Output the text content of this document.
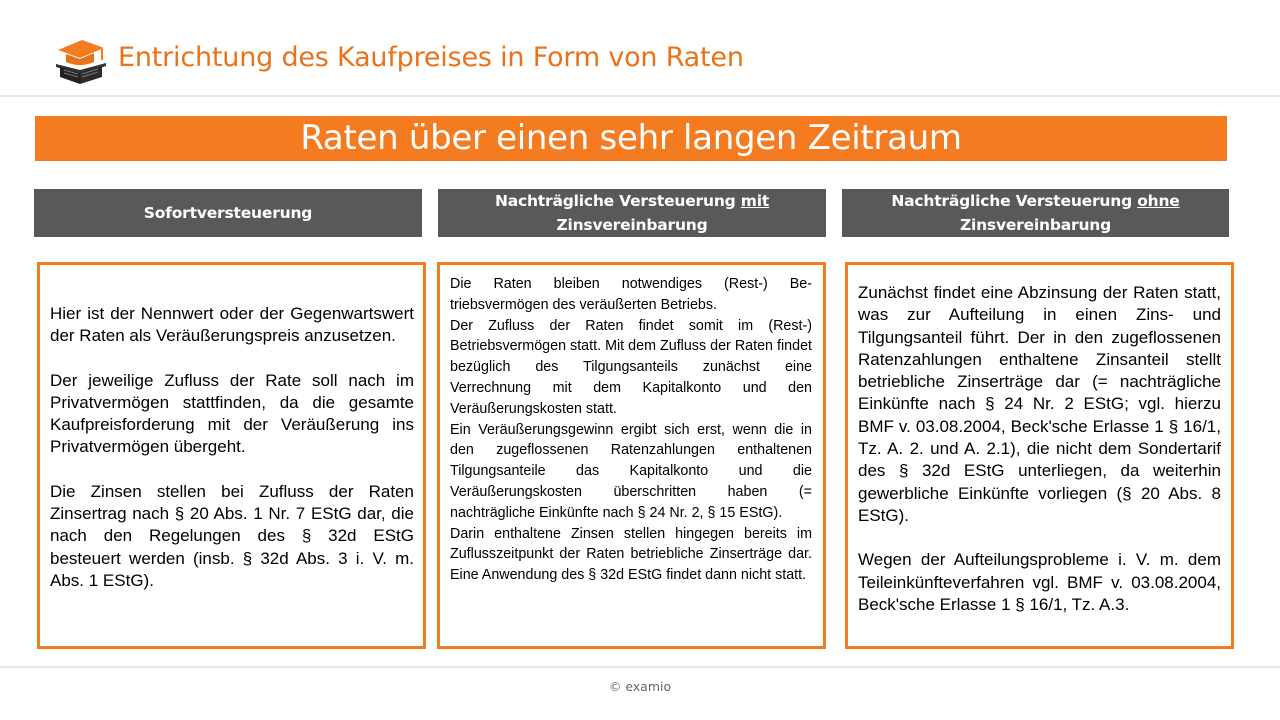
Entrichtung des Kaufpreises in Form von Raten
Raten über einen sehr langen Zeitraum
Sofortversteuerung
Nachträgliche Versteuerung mit
Zinsvereinbarung
Nachträgliche Versteuerung ohne
Zinsvereinbarung

Hier ist der Nennwert oder der Gegenwartswert der Raten als Veräußerungspreis anzusetzen.

Der jeweilige Zufluss der Rate soll nach im Privatvermögen stattfinden, da die gesamte Kaufpreisforderung mit der Veräußerung ins Privatvermögen übergeht.

Die Zinsen stellen bei Zufluss der Raten Zinsertrag nach § 20 Abs. 1 Nr. 7 EStG dar, die nach den Regelungen des § 32d EStG besteuert werden (insb. § 32d Abs. 3 i. V. m. Abs. 1 EStG).

Die Raten bleiben notwendiges (Rest-) Betriebsvermögen des veräußerten Betriebs.

Der Zufluss der Raten findet somit im (Rest-) Betriebsvermögen statt. Mit dem Zufluss der Raten findet bezüglich des Tilgungsanteils zunächst eine Verrechnung mit dem Kapitalkonto und den Veräußerungskosten statt.

Ein Veräußerungsgewinn ergibt sich erst, wenn die in den zugeflossenen Ratenzahlungen enthaltenen Tilgungsanteile das Kapitalkonto und die Veräußerungskosten überschritten haben (= nachträgliche Einkünfte nach § 24 Nr. 2, § 15 EStG).

Darin enthaltene Zinsen stellen hingegen bereits im Zuflusszeitpunkt der Raten betriebliche Zinserträge dar. Eine Anwendung des § 32d EStG findet dann nicht statt.

Zunächst findet eine Abzinsung der Raten statt, was zur Aufteilung in einen Zins- und Tilgungsanteil führt. Der in den zugeflossenen Ratenzahlungen enthaltene Zinsanteil stellt betriebliche Zinserträge dar (= nachträgliche Einkünfte nach § 24 Nr. 2 EStG; vgl. hierzu BMF v. 03.08.2004, Beck'sche Erlasse 1 § 16/1, Tz. A. 2. und A. 2.1), die nicht dem Sondertarif des § 32d EStG unterliegen, da weiterhin gewerbliche Einkünfte vorliegen (§ 20 Abs. 8 EStG).

Wegen der Aufteilungsprobleme i. V. m. dem Teileinkünfteverfahren vgl. BMF v. 03.08.2004, Beck'sche Erlasse 1 § 16/1, Tz. A.3.

© examio
